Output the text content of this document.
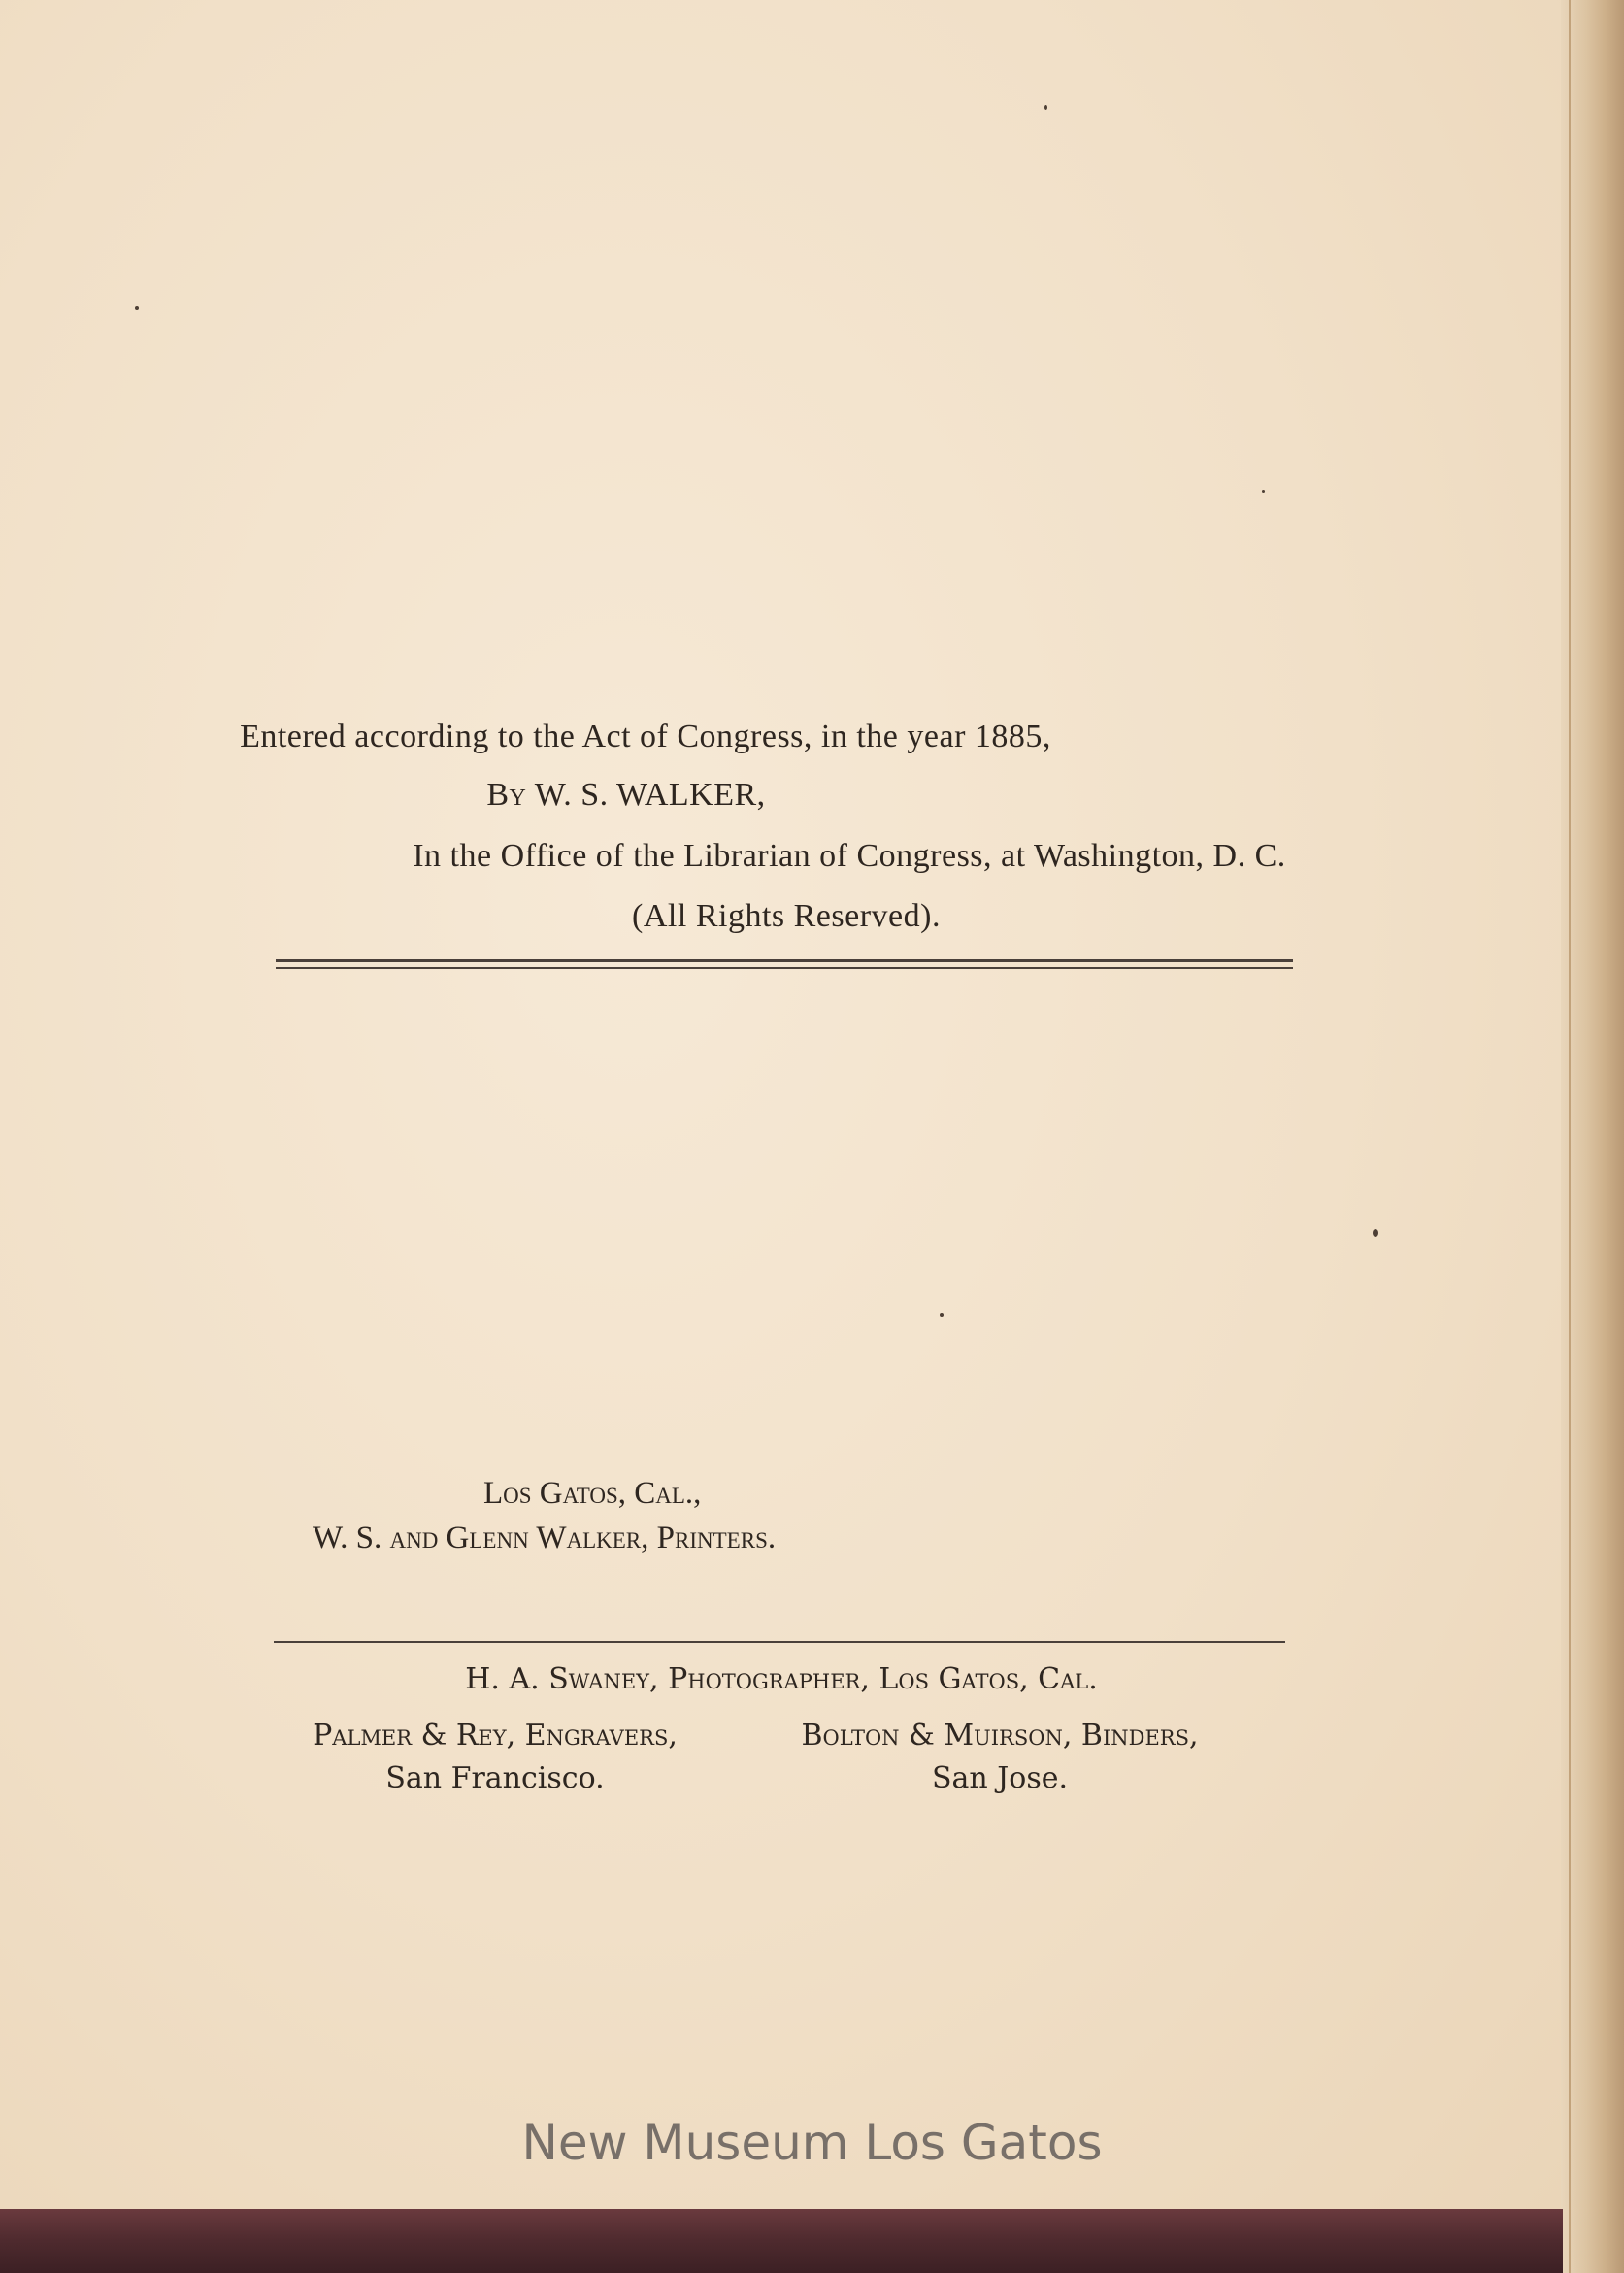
Entered according to the Act of Congress, in the year 1885,
By W. S. WALKER,
In the Office of the Librarian of Congress, at Washington, D. C.
(All Rights Reserved).
Los Gatos, Cal.,
W. S. and Glenn Walker, Printers.
H. A. Swaney, Photographer, Los Gatos, Cal.
Palmer & Rey, Engravers,
San Francisco.
Bolton & Muirson, Binders,
San Jose.
New Museum Los Gatos
